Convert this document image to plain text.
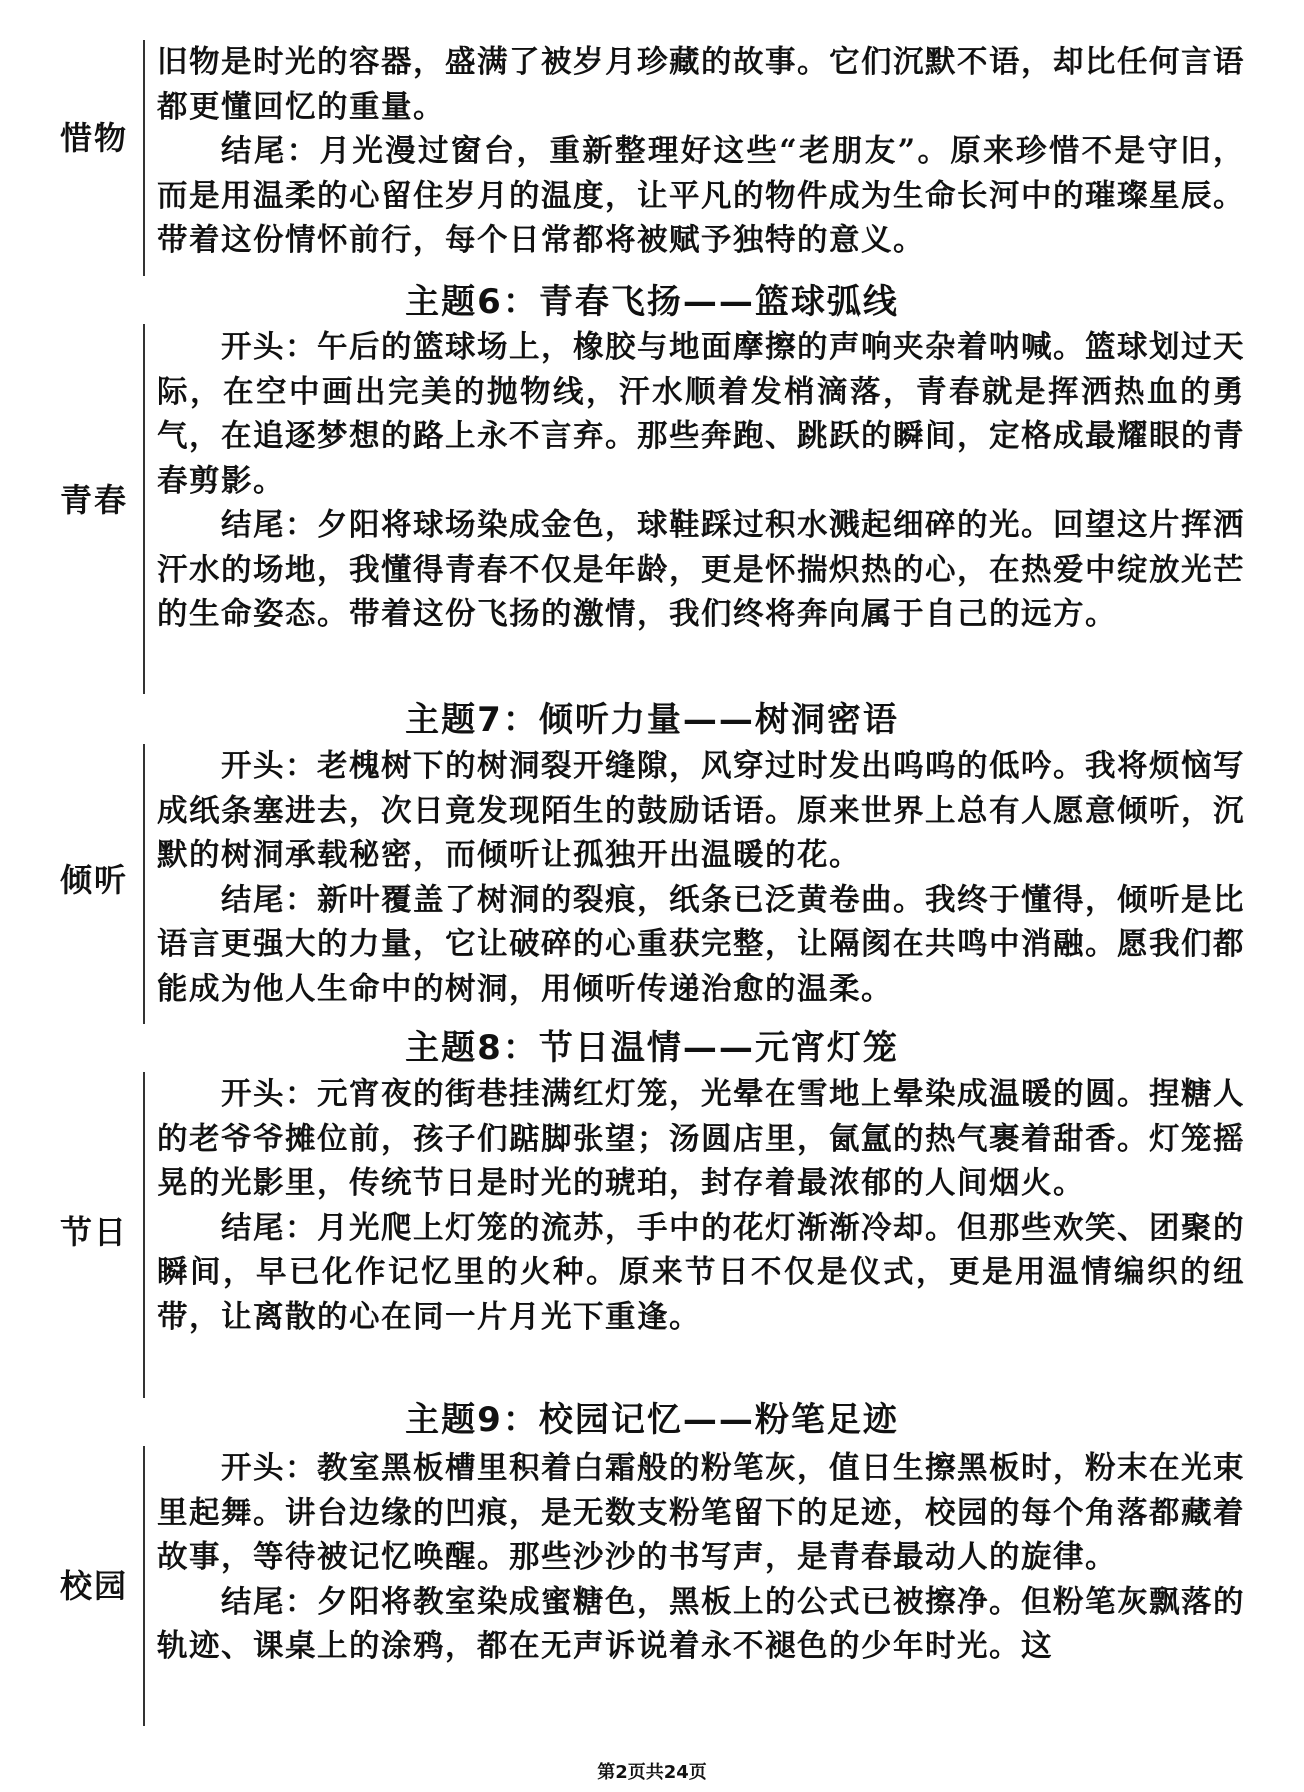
惜物

旧物是时光的容器，盛满了被岁月珍藏的故事。它们沉默不语，却比任何言语都更懂回忆的重量。

结尾：月光漫过窗台，重新整理好这些“老朋友”。原来珍惜不是守旧，而是用温柔的心留住岁月的温度，让平凡的物件成为生命长河中的璀璨星辰。带着这份情怀前行，每个日常都将被赋予独特的意义。

主题6：青春飞扬——篮球弧线
青春

开头：午后的篮球场上，橡胶与地面摩擦的声响夹杂着呐喊。篮球划过天际，在空中画出完美的抛物线，汗水顺着发梢滴落，青春就是挥洒热血的勇气，在追逐梦想的路上永不言弃。那些奔跑、跳跃的瞬间，定格成最耀眼的青春剪影。

结尾：夕阳将球场染成金色，球鞋踩过积水溅起细碎的光。回望这片挥洒汗水的场地，我懂得青春不仅是年龄，更是怀揣炽热的心，在热爱中绽放光芒的生命姿态。带着这份飞扬的激情，我们终将奔向属于自己的远方。

主题7：倾听力量——树洞密语
倾听

开头：老槐树下的树洞裂开缝隙，风穿过时发出呜呜的低吟。我将烦恼写成纸条塞进去，次日竟发现陌生的鼓励话语。原来世界上总有人愿意倾听，沉默的树洞承载秘密，而倾听让孤独开出温暖的花。

结尾：新叶覆盖了树洞的裂痕，纸条已泛黄卷曲。我终于懂得，倾听是比语言更强大的力量，它让破碎的心重获完整，让隔阂在共鸣中消融。愿我们都能成为他人生命中的树洞，用倾听传递治愈的温柔。

主题8：节日温情——元宵灯笼
节日

开头：元宵夜的街巷挂满红灯笼，光晕在雪地上晕染成温暖的圆。捏糖人的老爷爷摊位前，孩子们踮脚张望；汤圆店里，氤氲的热气裹着甜香。灯笼摇晃的光影里，传统节日是时光的琥珀，封存着最浓郁的人间烟火。

结尾：月光爬上灯笼的流苏，手中的花灯渐渐冷却。但那些欢笑、团聚的瞬间，早已化作记忆里的火种。原来节日不仅是仪式，更是用温情编织的纽带，让离散的心在同一片月光下重逢。

主题9：校园记忆——粉笔足迹
校园

开头：教室黑板槽里积着白霜般的粉笔灰，值日生擦黑板时，粉末在光束里起舞。讲台边缘的凹痕，是无数支粉笔留下的足迹，校园的每个角落都藏着故事，等待被记忆唤醒。那些沙沙的书写声，是青春最动人的旋律。

结尾：夕阳将教室染成蜜糖色，黑板上的公式已被擦净。但粉笔灰飘落的轨迹、课桌上的涂鸦，都在无声诉说着永不褪色的少年时光。这

第2页共24页
